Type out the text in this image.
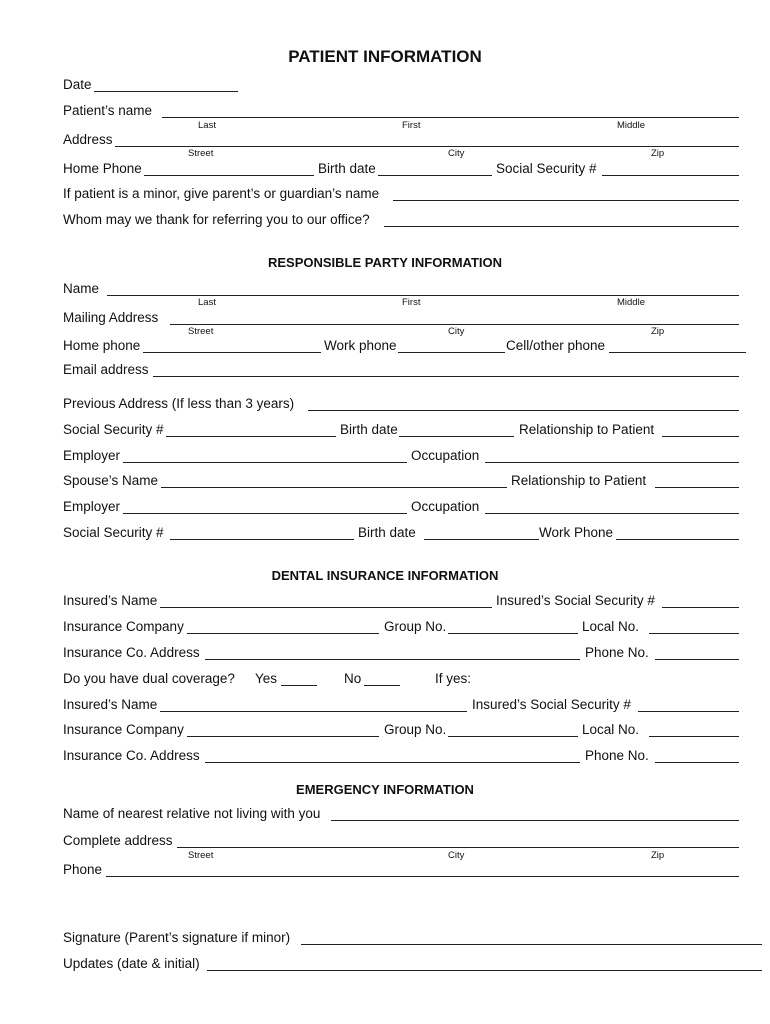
PATIENT INFORMATION
Date
Patient’s name
Last	First	Middle
Address
Street	City	Zip
Home Phone	Birth date	Social Security #
If patient is a minor, give parent’s or guardian’s name
Whom may we thank for referring you to our office?
RESPONSIBLE PARTY INFORMATION
Name
Last	First	Middle
Mailing Address
Street	City	Zip
Home phone	Work phone	Cell/other phone
Email address
Previous Address (If less than 3 years)
Social Security #	Birth date	Relationship to Patient
Employer	Occupation
Spouse’s Name	Relationship to Patient
Employer	Occupation
Social Security #	Birth date	Work Phone
DENTAL INSURANCE INFORMATION
Insured’s Name	Insured’s Social Security #
Insurance Company	Group No.	Local No.
Insurance Co. Address	Phone No.
Do you have dual coverage? Yes	No	If yes:
Insured’s Name	Insured’s Social Security #
Insurance Company	Group No.	Local No.
Insurance Co. Address	Phone No.
EMERGENCY INFORMATION
Name of nearest relative not living with you
Complete address
Street	City	Zip
Phone
Signature (Parent’s signature if minor)
Updates (date & initial)
